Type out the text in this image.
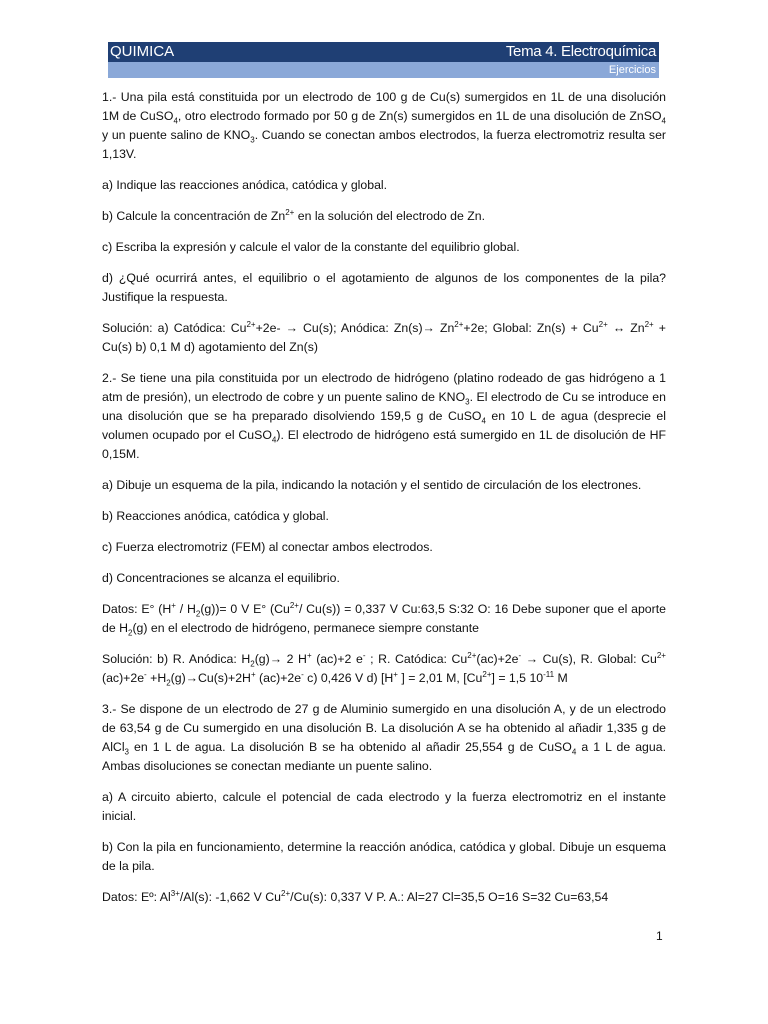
QUIMICA	Tema 4. Electroquímica
Ejercicios

1.- Una pila está constituida por un electrodo de 100 g de Cu(s) sumergidos en 1L de una disolución 1M de CuSO$_4$, otro electrodo formado por 50 g de Zn(s) sumergidos en 1L de una disolución de ZnSO$_4$ y un puente salino de $KNO_3$. Cuando se conectan ambos electrodos, la fuerza electromotriz resulta ser 1,13V.

a) Indique las reacciones anódica, catódica y global.

b) Calcule la concentración de $Zn^{2+}$ en la solución del electrodo de Zn.

c) Escriba la expresión y calcule el valor de la constante del equilibrio global.

d) ¿Qué ocurrirá antes, el equilibrio o el agotamiento de algunos de los componentes de la pila? Justifique la respuesta.

Solución: a) Catódica: $Cu^{2+}+2e- \to Cu(s)$; Anódica: $Zn(s)\to Zn^{2+}+2e$; Global: $Zn(s) + Cu^{2+}$ ↔ $Zn^{2+} + Cu(s)$ b) 0,1 M d) agotamiento del Zn(s)

2.- Se tiene una pila constituida por un electrodo de hidrógeno (platino rodeado de gas hidrógeno a 1 atm de presión), un electrodo de cobre y un puente salino de $KNO_3$. El electrodo de Cu se introduce en una disolución que se ha preparado disolviendo 159,5 g de CuSO$_4$ en 10 L de agua (desprecie el volumen ocupado por el CuSO$_4$). El electrodo de hidrógeno está sumergido en 1L de disolución de HF 0,15M.

a) Dibuje un esquema de la pila, indicando la notación y el sentido de circulación de los electrones.

b) Reacciones anódica, catódica y global.

c) Fuerza electromotriz (FEM) al conectar ambos electrodos.

d) Concentraciones se alcanza el equilibrio.

Datos: E° $(H^+ / H_2(g))= 0$ V E° ($Cu^{2+}/$ Cu(s)) = 0,337 V Cu:63,5 S:32 O: 16 Debe suponer que el aporte de $H_2(g)$ en el electrodo de hidrógeno, permanece siempre constante

Solución: b) R. Anódica: $H_2(g)\to 2$ H+ (ac)+2 e- ; R. Catódica: $Cu^{2+}(ac)+2e^- \to Cu(s)$, R. Global: $Cu^{2+}(ac)+2e^- +H_2(g)\to Cu(s)+2H^+$ (ac)+2e- c) 0,426 V d) [H+ ] = 2,01 M, $[Cu^{2+}] = 1,5$ $10^{-11}$ M

3.- Se dispone de un electrodo de 27 g de Aluminio sumergido en una disolución A, y de un electrodo de 63,54 g de Cu sumergido en una disolución B. La disolución A se ha obtenido al añadir 1,335 g de AlCl$_3$ en 1 L de agua. La disolución B se ha obtenido al añadir 25,554 g de CuSO$_4$ a 1 L de agua. Ambas disoluciones se conectan mediante un puente salino.

a) A circuito abierto, calcule el potencial de cada electrodo y la fuerza electromotriz en el instante inicial.

b) Con la pila en funcionamiento, determine la reacción anódica, catódica y global. Dibuje un esquema de la pila.

Datos: Eº: $Al^{3+}/Al(s)$: -1,662 V $Cu^{2+}/Cu(s)$: 0,337 V P. A.: Al=27 Cl=35,5 O=16 S=32 Cu=63,54

1
